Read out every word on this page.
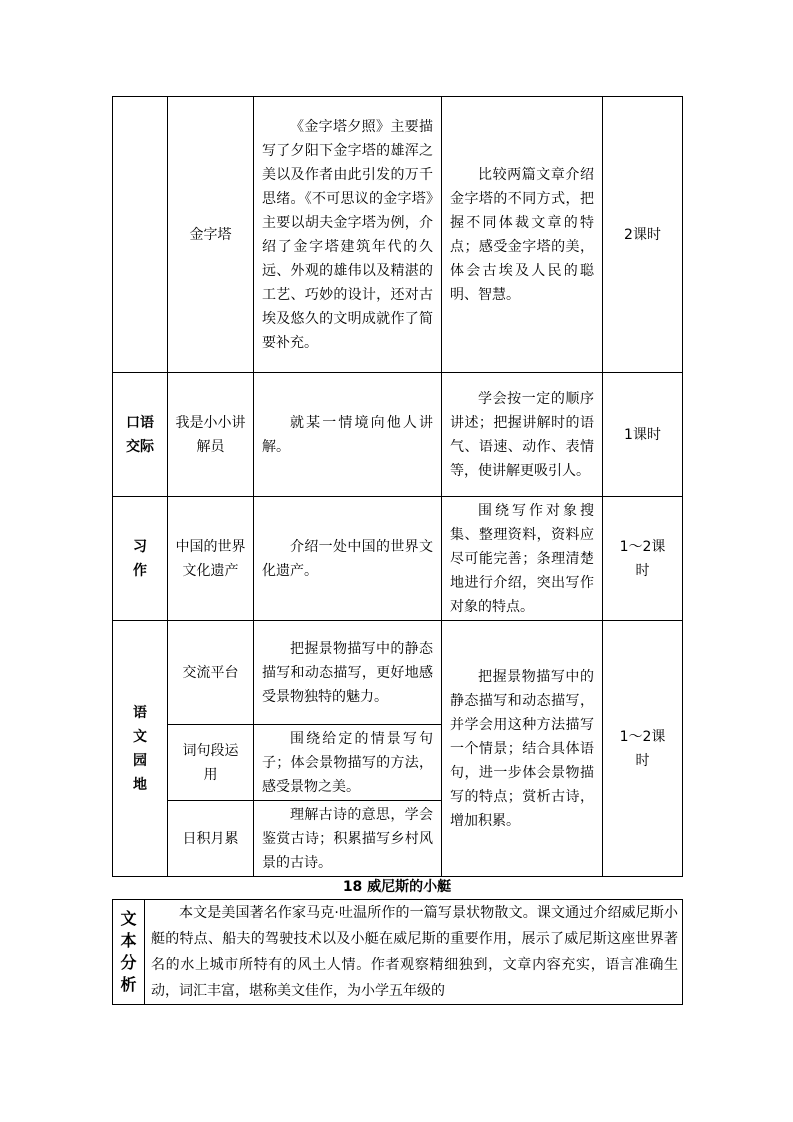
	金字塔	《金字塔夕照》主要描写了夕阳下金字塔的雄浑之美以及作者由此引发的万千思绪。《不可思议的金字塔》主要以胡夫金字塔为例，介绍了金字塔建筑年代的久远、外观的雄伟以及精湛的工艺、巧妙的设计，还对古埃及悠久的文明成就作了简要补充。	比较两篇文章介绍金字塔的不同方式，把握不同体裁文章的特点；感受金字塔的美，体会古埃及人民的聪明、智慧。	2课时
口语交际	我是小小讲解员	就某一情境向他人讲解。	学会按一定的顺序讲述；把握讲解时的语气、语速、动作、表情等，使讲解更吸引人。	1课时
习作	中国的世界文化遗产	介绍一处中国的世界文化遗产。	围绕写作对象搜集、整理资料，资料应尽可能完善；条理清楚地进行介绍，突出写作对象的特点。	1～2课时
语文园地	交流平台	把握景物描写中的静态描写和动态描写，更好地感受景物独特的魅力。	把握景物描写中的静态描写和动态描写，并学会用这种方法描写一个情景；结合具体语句，进一步体会景物描写的特点；赏析古诗，增加积累。	1～2课时
	词句段运用	围绕给定的情景写句子；体会景物描写的方法，感受景物之美。		
	日积月累	理解古诗的意思，学会鉴赏古诗；积累描写乡村风景的古诗。		
18 威尼斯的小艇
文本分析	本文是美国著名作家马克·吐温所作的一篇写景状物散文。课文通过介绍威尼斯小艇的特点、船夫的驾驶技术以及小艇在威尼斯的重要作用，展示了威尼斯这座世界著名的水上城市所特有的风土人情。作者观察精细独到，文章内容充实，语言准确生动，词汇丰富，堪称美文佳作，为小学五年级的
